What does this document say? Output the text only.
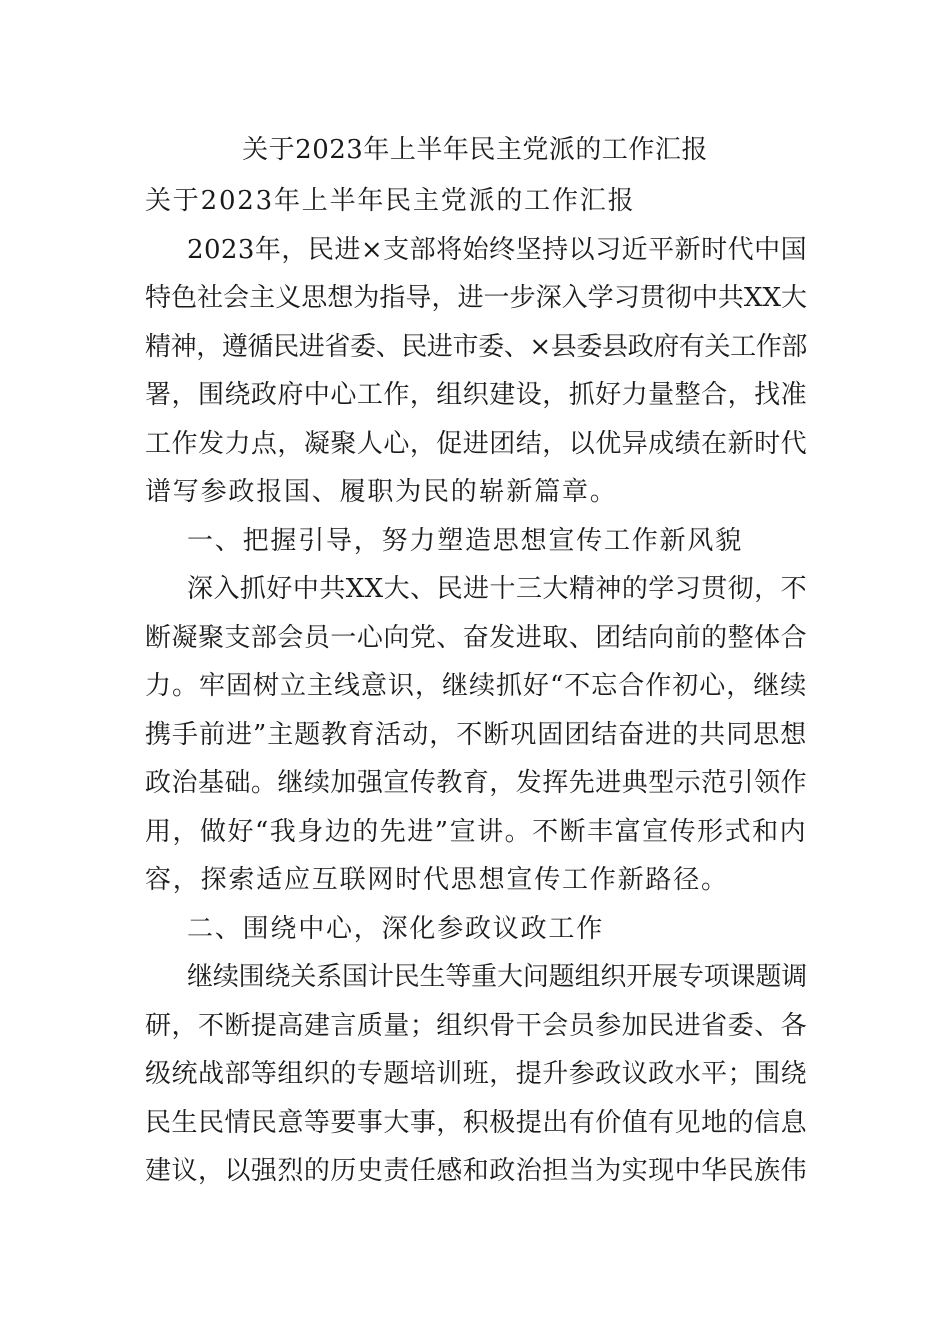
关于2023年上半年民主党派的工作汇报

关于2023年上半年民主党派的工作汇报

2023年，民进×支部将始终坚持以习近平新时代中国

特色社会主义思想为指导，进一步深入学习贯彻中共XX大

精神，遵循民进省委、民进市委、×县委县政府有关工作部

署，围绕政府中心工作，组织建设，抓好力量整合，找准

工作发力点，凝聚人心，促进团结，以优异成绩在新时代

谱写参政报国、履职为民的崭新篇章。

一、把握引导，努力塑造思想宣传工作新风貌

深入抓好中共XX大、民进十三大精神的学习贯彻，不

断凝聚支部会员一心向党、奋发进取、团结向前的整体合

力。牢固树立主线意识，继续抓好“不忘合作初心，继续

携手前进”主题教育活动，不断巩固团结奋进的共同思想

政治基础。继续加强宣传教育，发挥先进典型示范引领作

用，做好“我身边的先进”宣讲。不断丰富宣传形式和内

容，探索适应互联网时代思想宣传工作新路径。

二、围绕中心，深化参政议政工作

继续围绕关系国计民生等重大问题组织开展专项课题调

研，不断提高建言质量；组织骨干会员参加民进省委、各

级统战部等组织的专题培训班，提升参政议政水平；围绕

民生民情民意等要事大事，积极提出有价值有见地的信息

建议，以强烈的历史责任感和政治担当为实现中华民族伟
